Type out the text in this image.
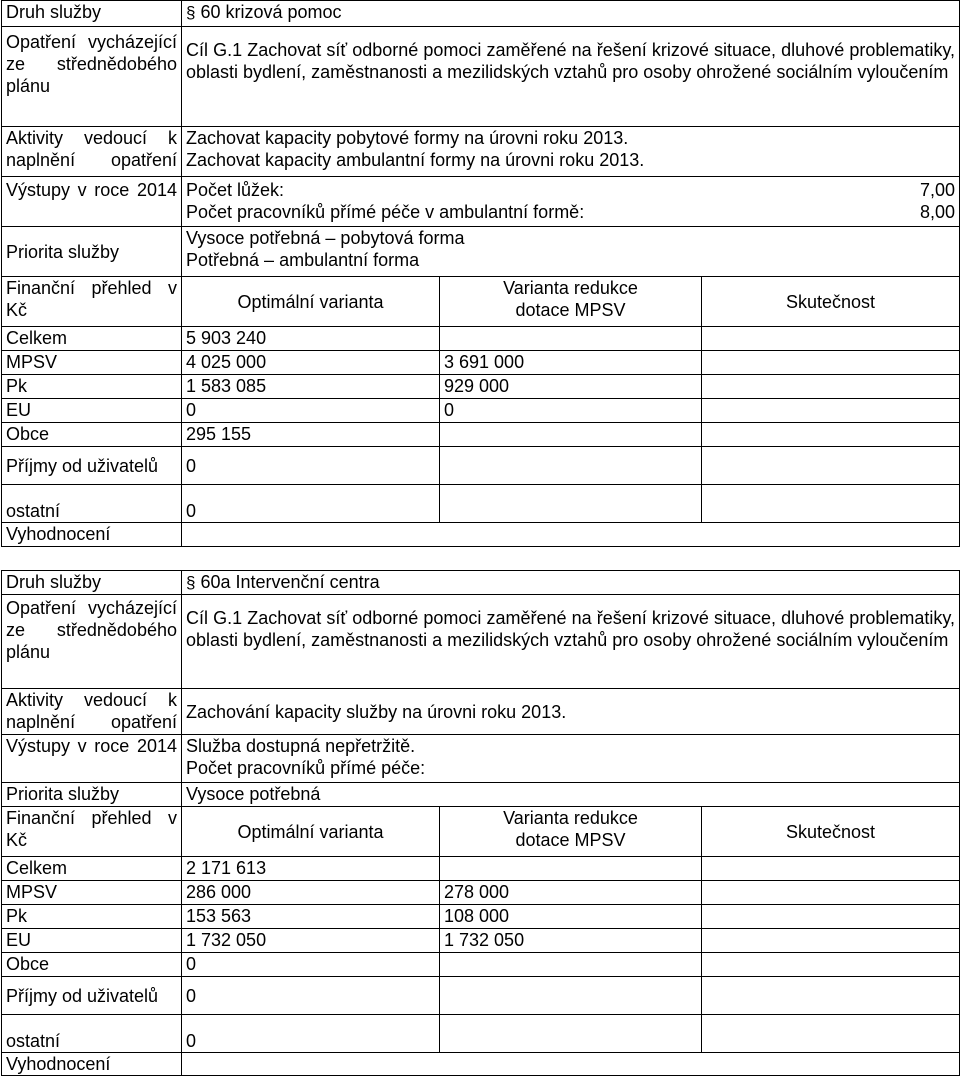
Druh služby	§ 60 krizová pomoc		
Opatření vycházející ze střednědobého plánu	Cíl G.1 Zachovat síť odborné pomoci zaměřené na řešení krizové situace, dluhové problematiky, oblasti bydlení, zaměstnanosti a mezilidských vztahů pro osoby ohrožené sociálním vyloučením		
Aktivity vedoucí k naplnění opatření	Zachovat kapacity pobytové formy na úrovni roku 2013.
Zachovat kapacity ambulantní formy na úrovni roku 2013.		

Výstupy v roce 2014	Počet lůžek: 7,00
Počet pracovníků přímé péče v ambulantní formě: 8,00		

Priorita služby	Vysoce potřebná – pobytová forma
Potřebná – ambulantní forma		

Finanční přehled v Kč	Optimální varianta	Varianta redukce dotace MPSV	Skutečnost
Celkem	5 903 240		
MPSV	4 025 000	3 691 000	
Pk	1 583 085	929 000	
EU	0	0	
Obce	295 155		
Příjmy od uživatelů	0		
ostatní	0		
Vyhodnocení			
Druh služby	§ 60a Intervenční centra		
Opatření vycházející ze střednědobého plánu	Cíl G.1 Zachovat síť odborné pomoci zaměřené na řešení krizové situace, dluhové problematiky, oblasti bydlení, zaměstnanosti a mezilidských vztahů pro osoby ohrožené sociálním vyloučením		
Aktivity vedoucí k naplnění opatření	Zachování kapacity služby na úrovni roku 2013.		
Výstupy v roce 2014	Služba dostupná nepřetržitě.
Počet pracovníků přímé péče:		

Priorita služby	Vysoce potřebná		
Finanční přehled v Kč	Optimální varianta	Varianta redukce dotace MPSV	Skutečnost
Celkem	2 171 613		
MPSV	286 000	278 000	
Pk	153 563	108 000	
EU	1 732 050	1 732 050	
Obce	0		
Příjmy od uživatelů	0		
ostatní	0		
Vyhodnocení			
